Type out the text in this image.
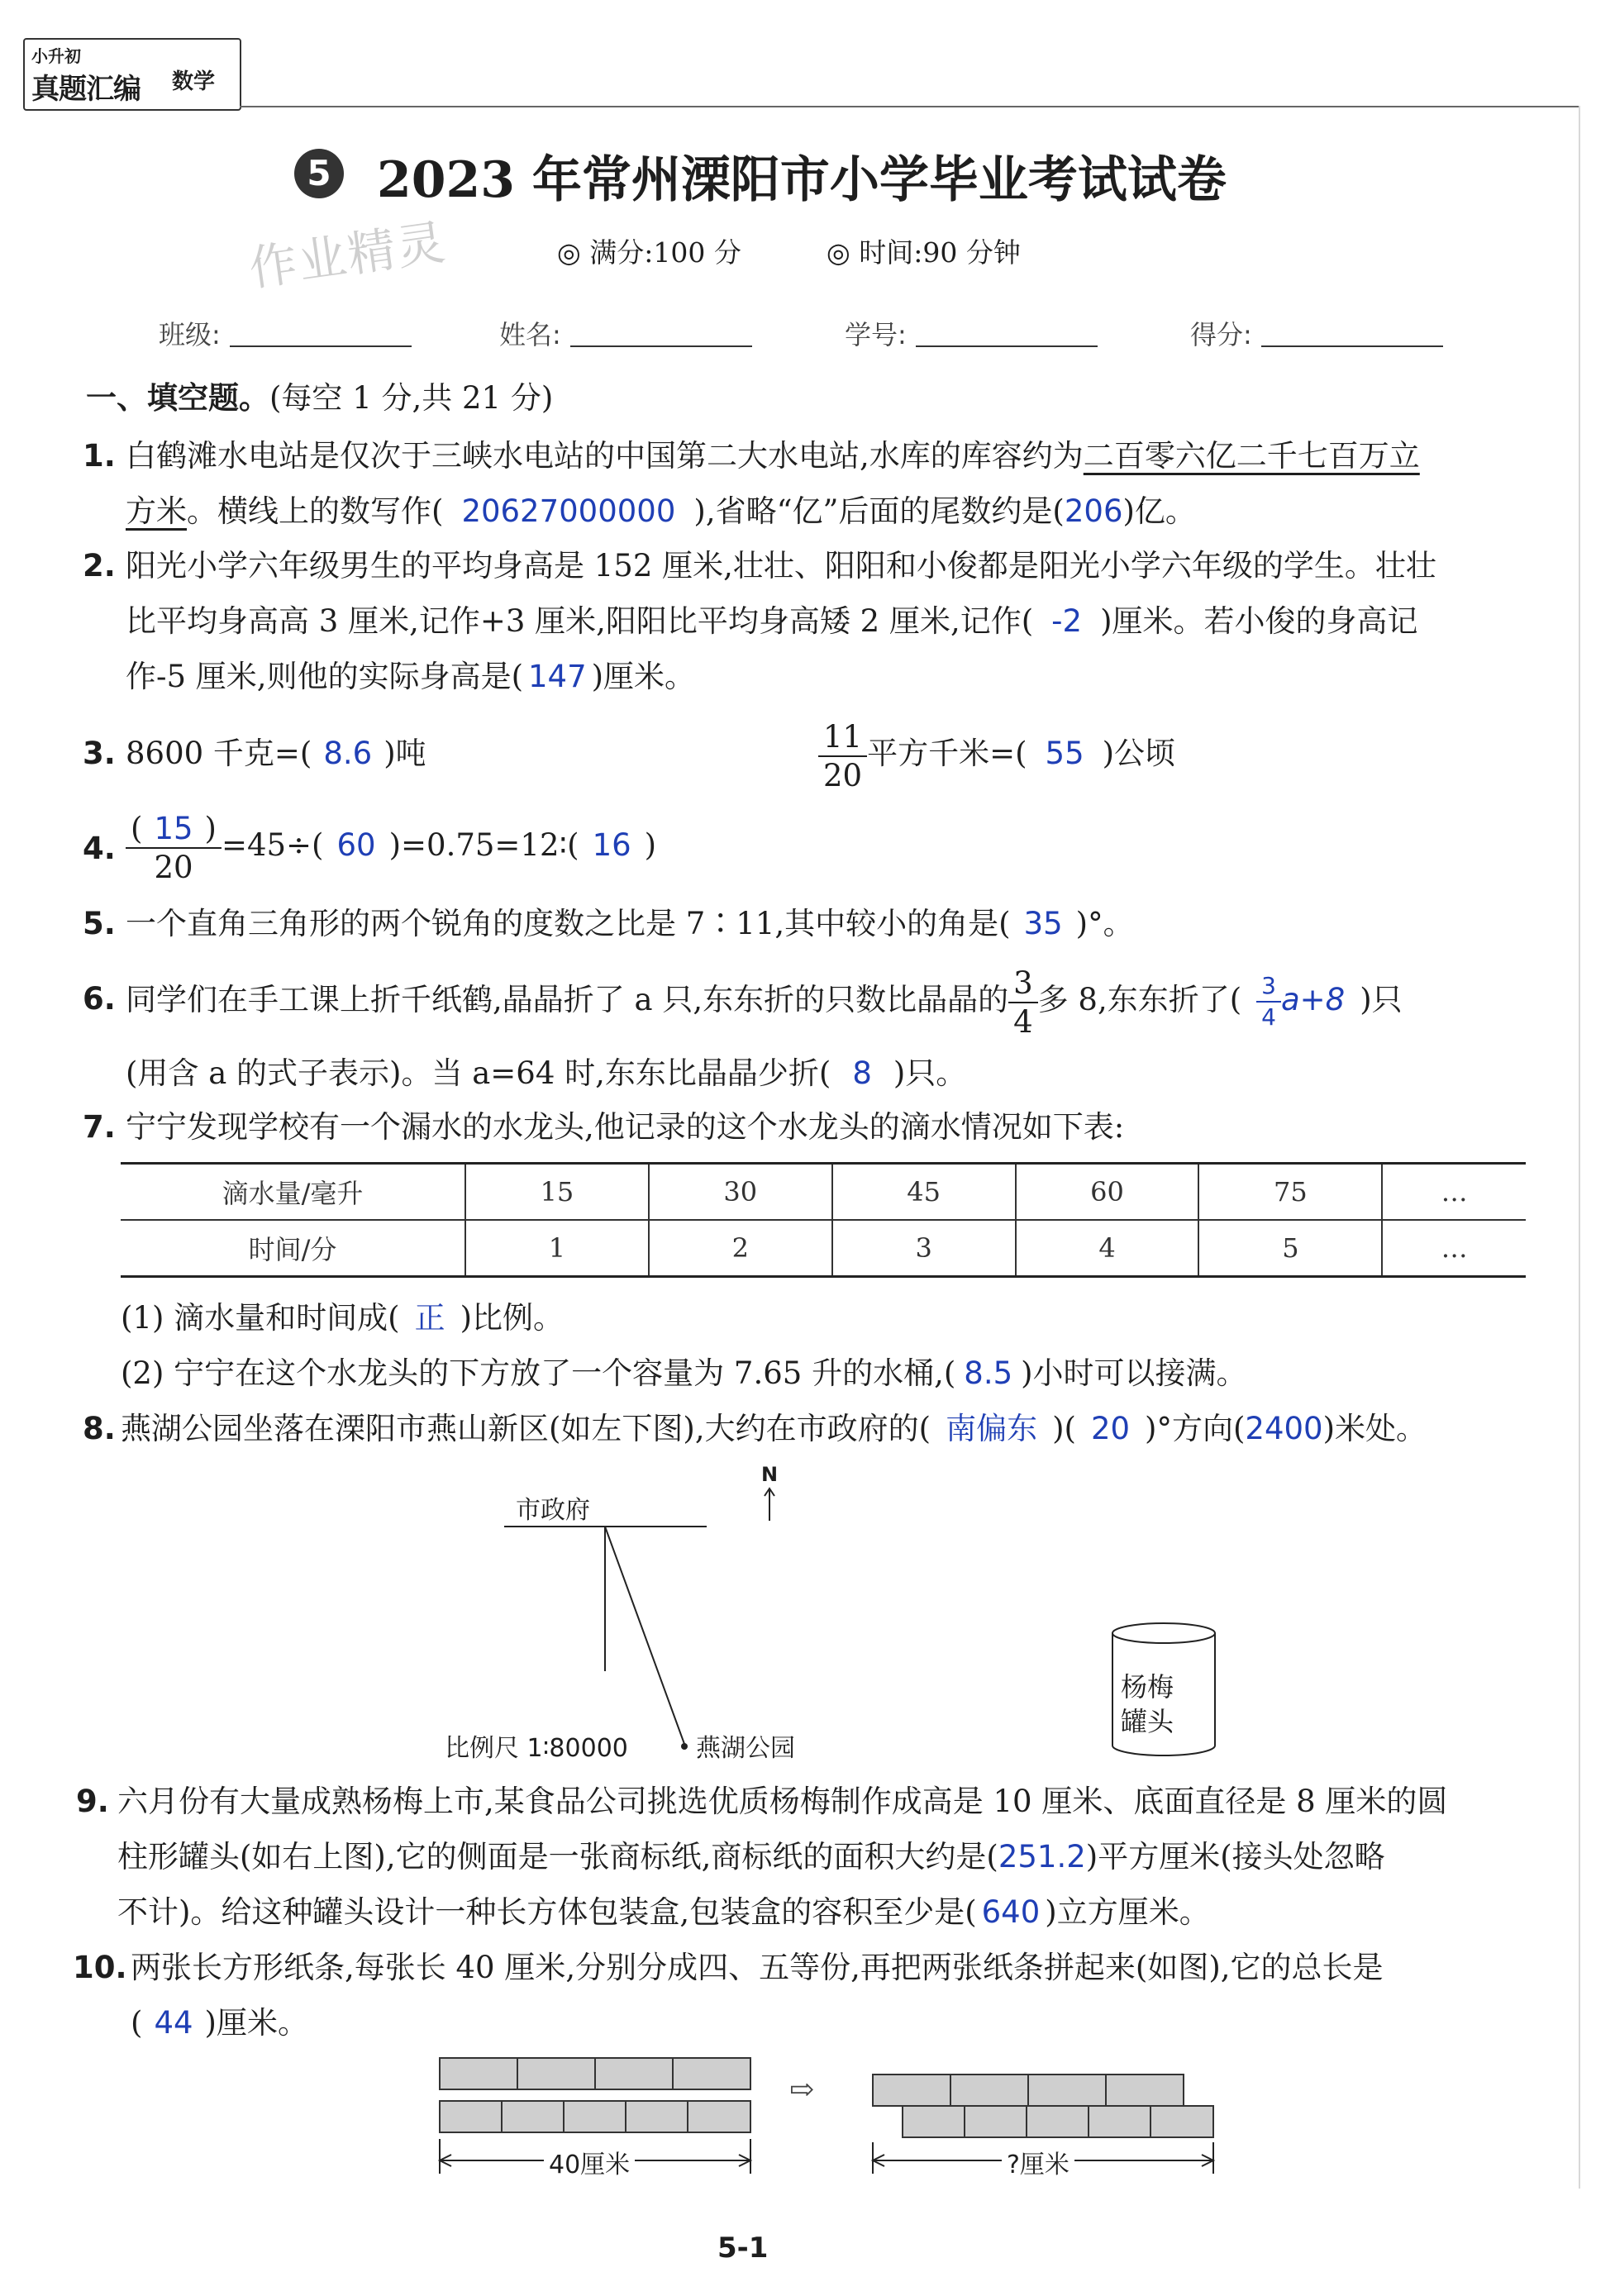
小升初
真题汇编 数学
5 2023 年常州溧阳市小学毕业考试试卷
作业精灵	◎ 满分:100 分	◎ 时间:90 分钟
班级:	姓名:	学号:	得分:
一、填空题。(每空 1 分,共 21 分)
1. 白鹤滩水电站是仅次于三峡水电站的中国第二大水电站,水库的库容约为二百零六亿二千七百万立
方米。横线上的数写作( 20627000000 ),省略“亿”后面的尾数约是(206)亿。
2. 阳光小学六年级男生的平均身高是 152 厘米,壮壮、阳阳和小俊都是阳光小学六年级的学生。壮壮
比平均身高高 3 厘米,记作+3 厘米,阳阳比平均身高矮 2 厘米,记作( -2 )厘米。若小俊的身高记
作-5 厘米,则他的实际身高是( 147 )厘米。
3. 8600 千克=( 8.6 )吨	$\frac{11}{20}$ 平方千米=( 55 )公顷
4. $\frac{( 15 )}{20} =45\div$( 60 )=0.75=12∶( 16 )
5. 一个直角三角形的两个锐角的度数之比是 7∶11,其中较小的角是( 35 )°。
6. 同学们在手工课上折千纸鹤,晶晶折了 a 只,东东折的只数比晶晶的 $\frac{3}{4}$ 多 8,东东折了( $\frac{3}{4} a+8$ )只
(用含 a 的式子表示)。当 a=64 时,东东比晶晶少折( 8 )只。
7. 宁宁发现学校有一个漏水的水龙头,他记录的这个水龙头的滴水情况如下表:
滴水量/毫升	15	30	45	60	75	…
时间/分	1	2	3	4	5	…
(1) 滴水量和时间成( 正 )比例。
(2) 宁宁在这个水龙头的下方放了一个容量为 7.65 升的水桶,( 8.5 )小时可以接满。
8. 燕湖公园坐落在溧阳市燕山新区(如左下图),大约在市政府的( 南偏东 )( 20 )°方向(2400)米处。
市政府
N
比例尺 1∶80000	燕湖公园
杨梅
罐头
9. 六月份有大量成熟杨梅上市,某食品公司挑选优质杨梅制作成高是 10 厘米、底面直径是 8 厘米的圆
柱形罐头(如右上图),它的侧面是一张商标纸,商标纸的面积大约是(251.2)平方厘米(接头处忽略
不计)。给这种罐头设计一种长方体包装盒,包装盒的容积至少是( 640 )立方厘米。
10. 两张长方形纸条,每张长 40 厘米,分别分成四、五等份,再把两张纸条拼起来(如图),它的总长是
( 44 )厘米。
⇨
40厘米	?厘米
5-1
